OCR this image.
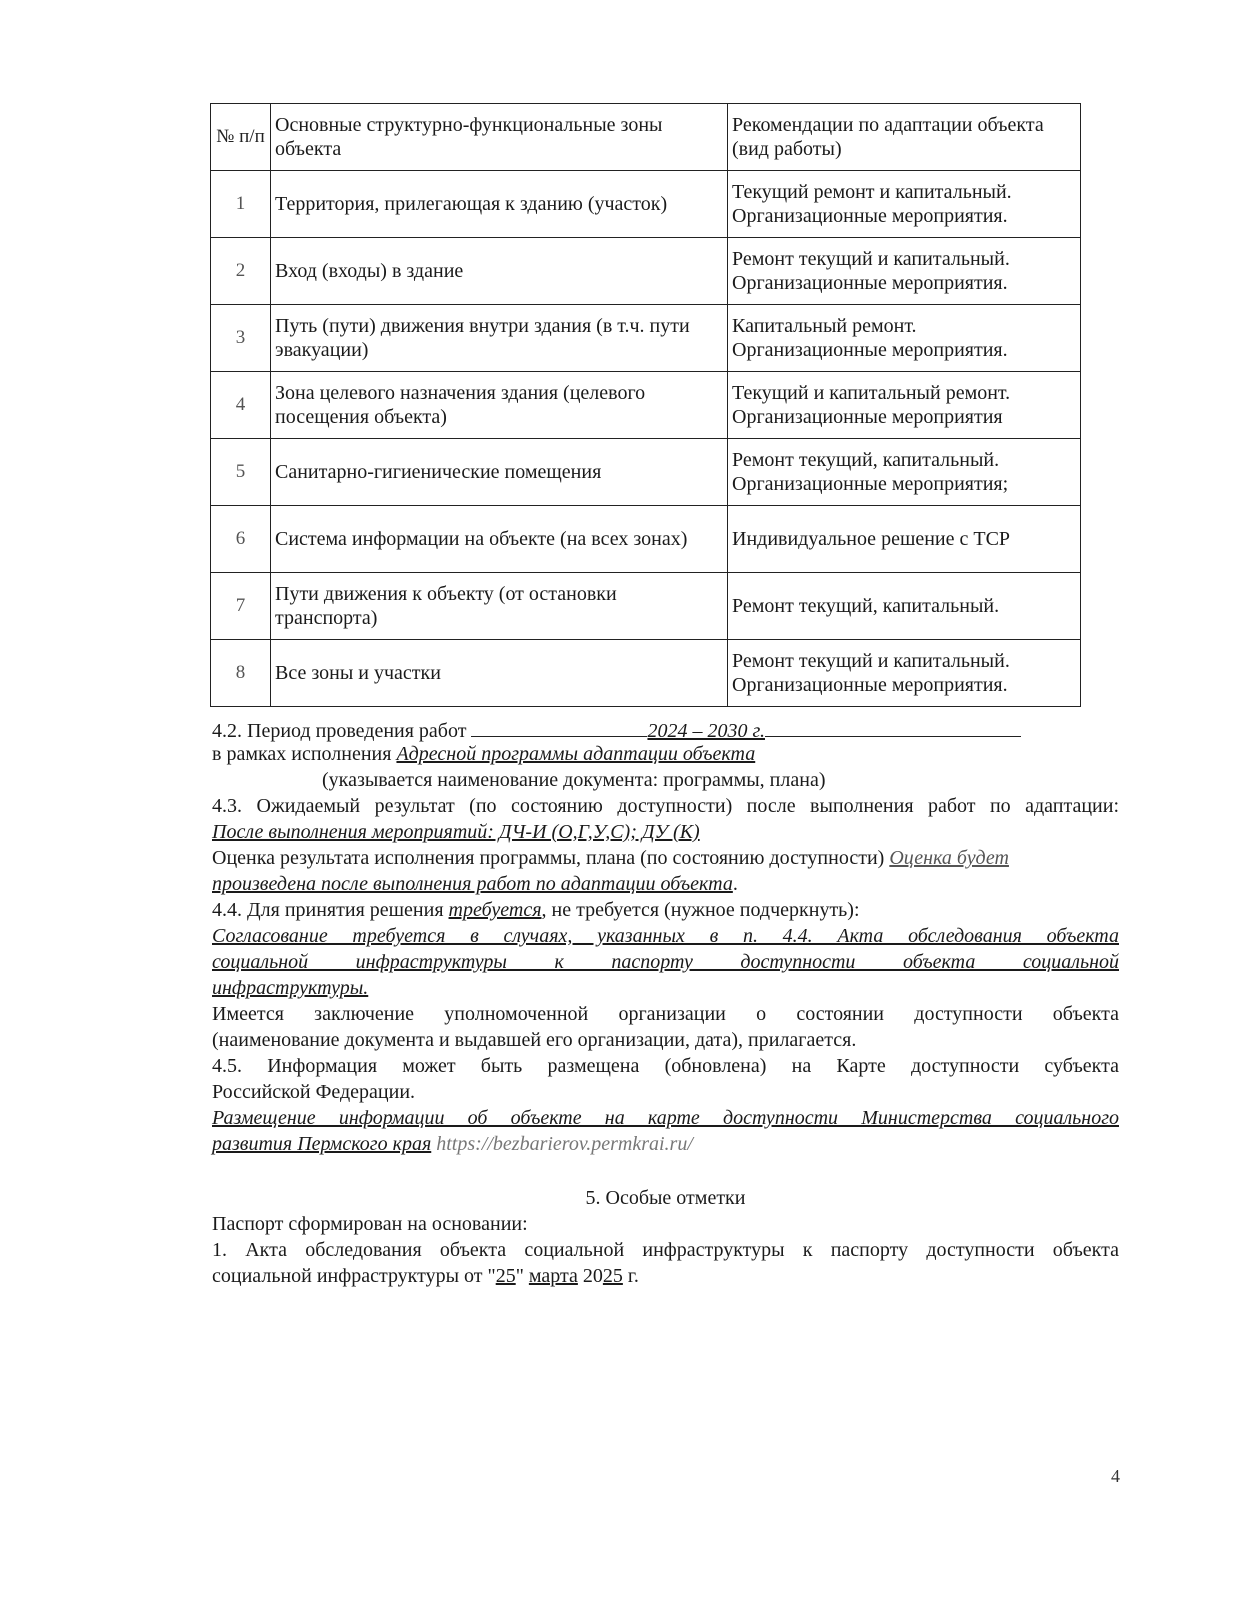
№ п/п	Основные структурно-функциональные зоны объекта	Рекомендации по адаптации объекта (вид работы)
1	Территория, прилегающая к зданию (участок)	Текущий ремонт и капитальный. Организационные мероприятия.
2	Вход (входы) в здание	Ремонт текущий и капитальный. Организационные мероприятия.
3	Путь (пути) движения внутри здания (в т.ч. пути эвакуации)	Капитальный ремонт. Организационные мероприятия.
4	Зона целевого назначения здания (целевого посещения объекта)	Текущий и капитальный ремонт. Организационные мероприятия
5	Санитарно-гигиенические помещения	Ремонт текущий, капитальный. Организационные мероприятия;
6	Система информации на объекте (на всех зонах)	Индивидуальное решение с ТСР
7	Пути движения к объекту (от остановки транспорта)	Ремонт текущий, капитальный.
8	Все зоны и участки	Ремонт текущий и капитальный. Организационные мероприятия.
4.2. Период проведения работ	2024 – 2030 г.
в рамках исполнения Адресной программы адаптации объекта
(указывается наименование документа: программы, плана)
4.3. Ожидаемый результат (по состоянию доступности) после выполнения работ по адаптации:
После выполнения мероприятий: ДЧ-И (О,Г,У,С); ДУ (К)
Оценка результата исполнения программы, плана (по состоянию доступности) Оценка будет
произведена после выполнения работ по адаптации объекта.
4.4. Для принятия решения требуется, не требуется (нужное подчеркнуть):
Согласование требуется в случаях, указанных в п. 4.4. Акта обследования объекта
социальной инфраструктуры к паспорту доступности объекта социальной
инфраструктуры.
Имеется заключение уполномоченной организации о состоянии доступности объекта
(наименование документа и выдавшей его организации, дата), прилагается.
4.5. Информация может быть размещена (обновлена) на Карте доступности субъекта
Российской Федерации.
Размещение информации об объекте на карте доступности Министерства социального
развития Пермского края https://bezbarierov.permkrai.ru/
5. Особые отметки
Паспорт сформирован на основании:
1. Акта обследования объекта социальной инфраструктуры к паспорту доступности объекта
социальной инфраструктуры от "25" марта 2025 г.
4
